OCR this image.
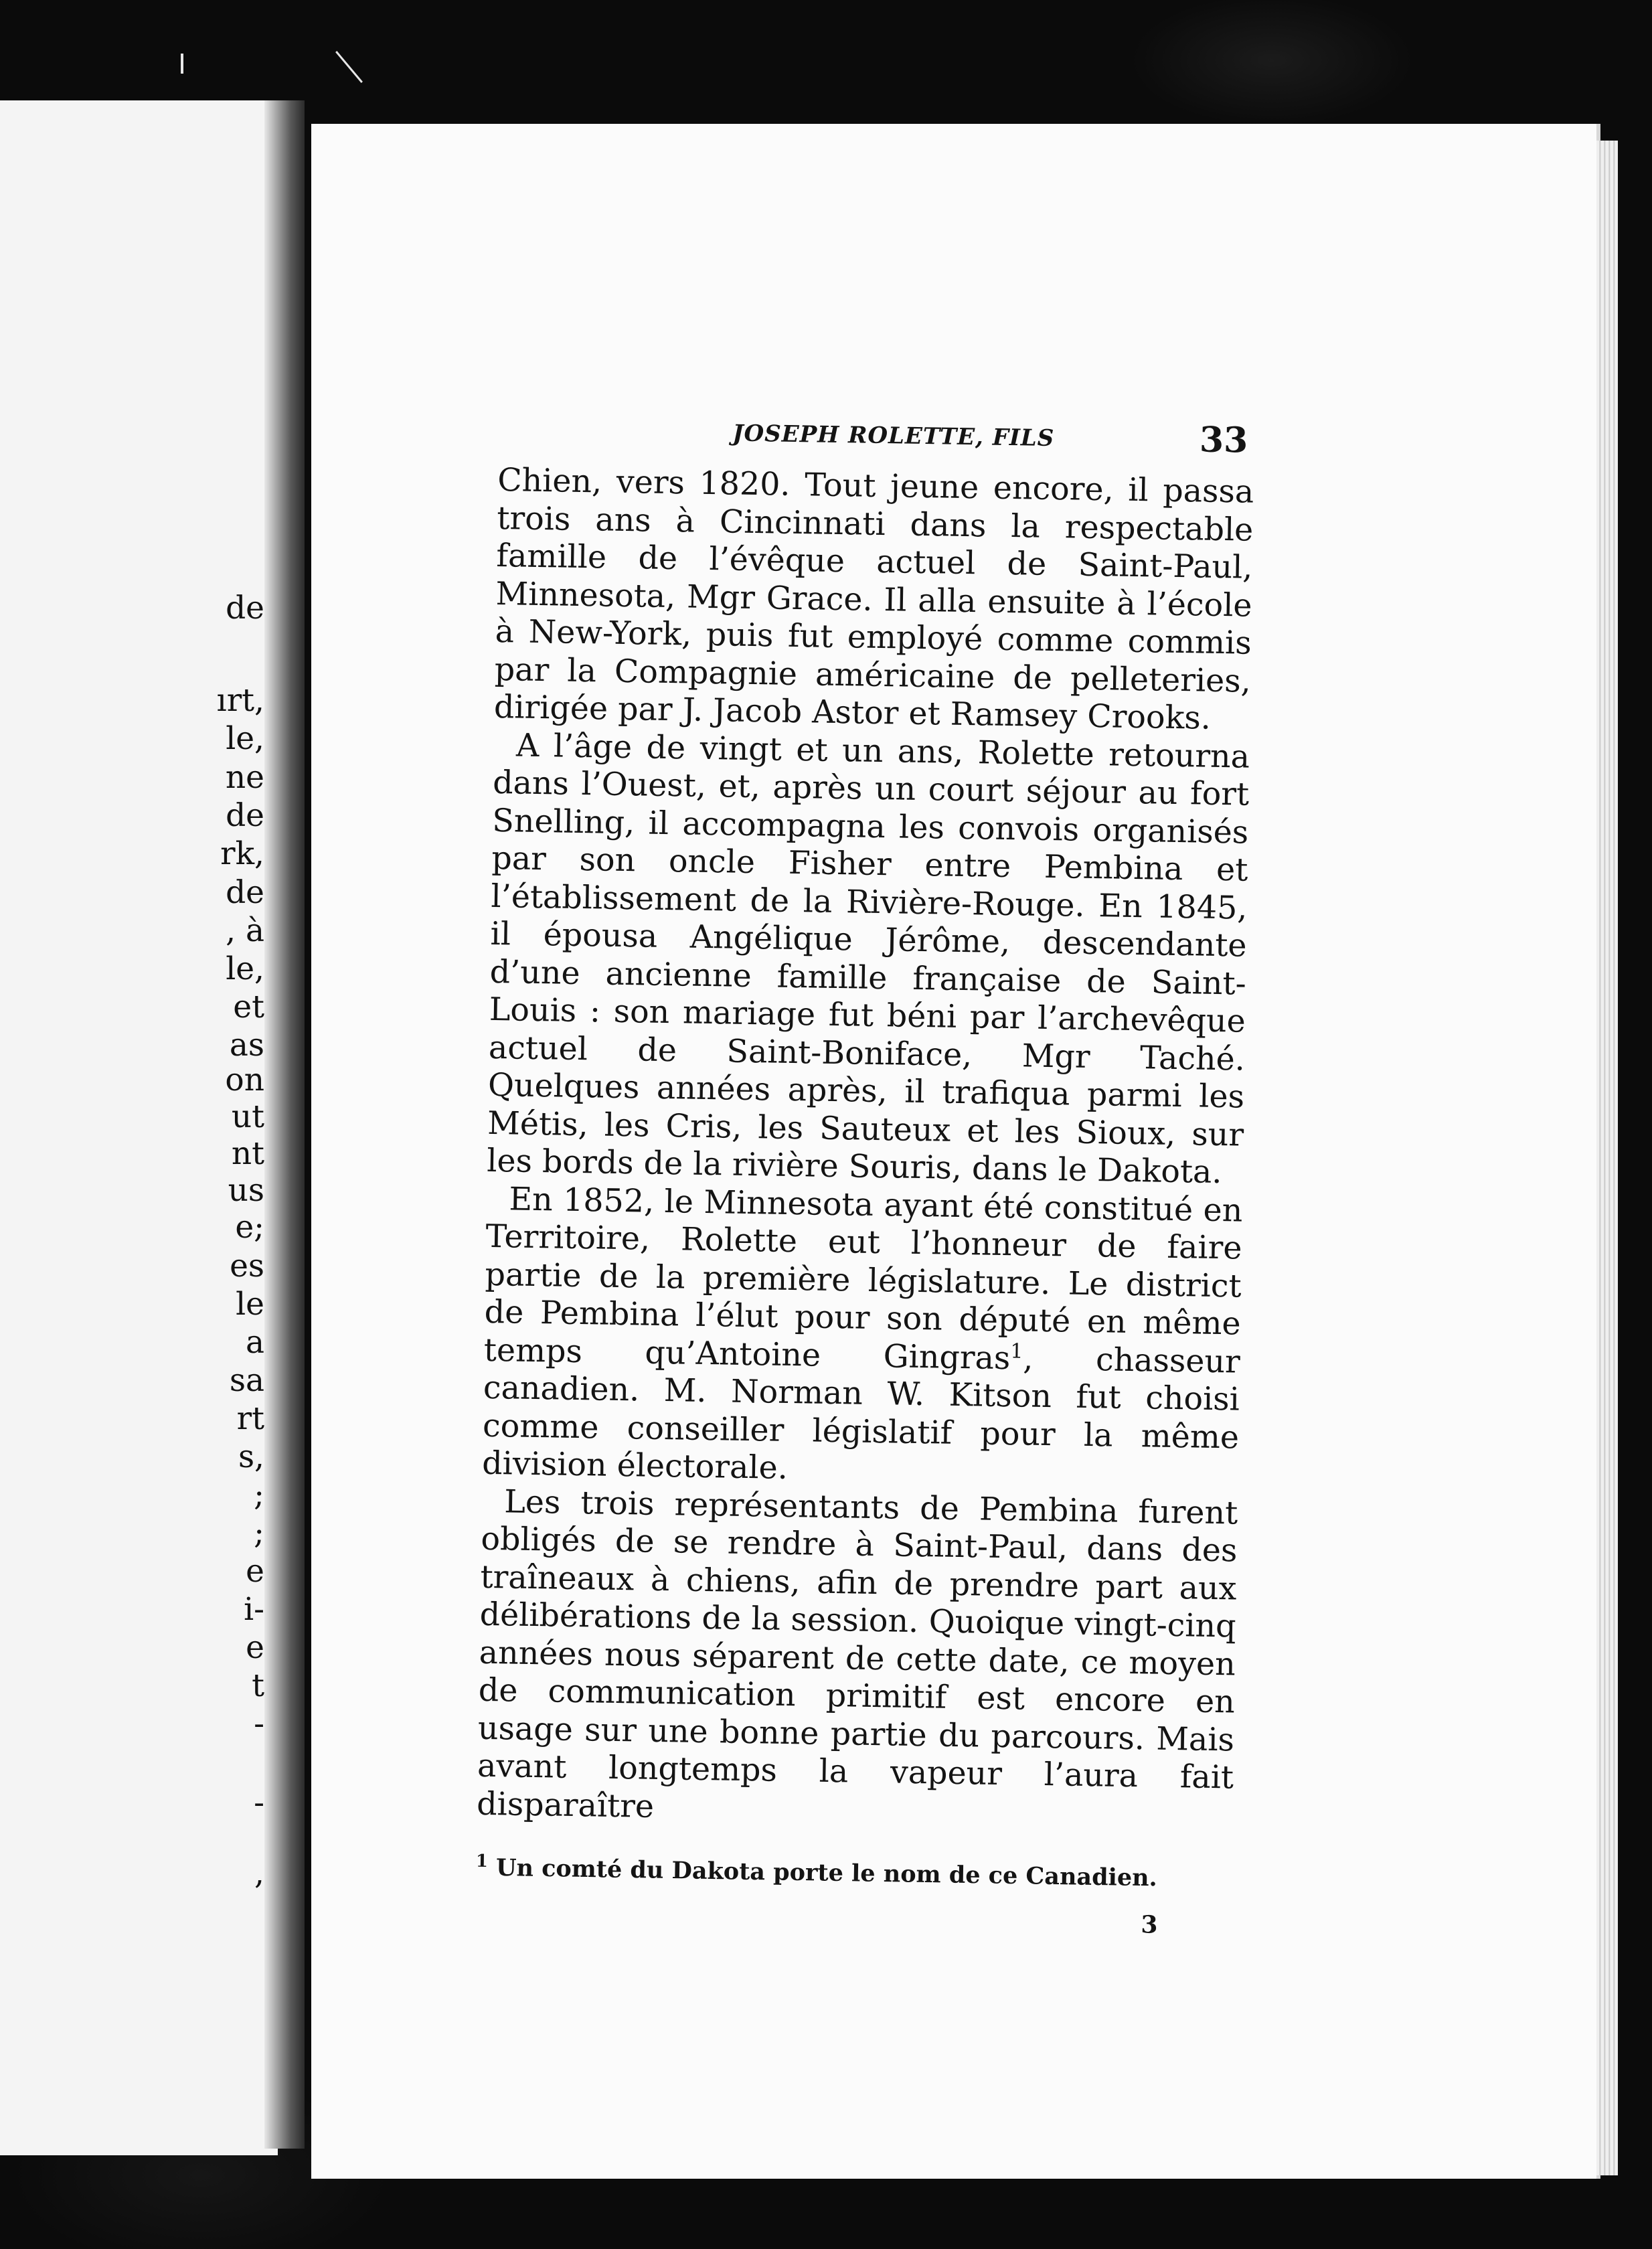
de
ırt,
le,
ne
de
rk,
de
, à
le,
et
as
on
ut
nt
us
e;
es
le
a
sa
rt
s,
;
;
e
i-
e
t
-
-
,
JOSEPH ROLETTE, FILS	33

Chien, vers 1820. Tout jeune encore, il passa trois ans à Cincinnati dans la respectable famille de l’évêque actuel de Saint-Paul, Minnesota, Mgr Grace. Il alla ensuite à l’école à New-York, puis fut employé comme commis par la Compagnie américaine de pelleteries, dirigée par J. Jacob Astor et Ramsey Crooks.

A l’âge de vingt et un ans, Rolette retourna dans l’Ouest, et, après un court séjour au fort Snelling, il accompagna les convois organisés par son oncle Fisher entre Pembina et l’établissement de la Rivière-Rouge. En 1845, il épousa Angélique Jérôme, descendante d’une ancienne famille française de Saint-Louis : son mariage fut béni par l’archevêque actuel de Saint-Boniface, Mgr Taché. Quelques années après, il trafiqua parmi les Métis, les Cris, les Sauteux et les Sioux, sur les bords de la rivière Souris, dans le Dakota.

En 1852, le Minnesota ayant été constitué en Territoire, Rolette eut l’honneur de faire partie de la première législature. Le district de Pembina l’élut pour son député en même temps qu’Antoine Gingras$^1$, chasseur canadien. M. Norman W. Kitson fut choisi comme conseiller législatif pour la même division électorale.

Les trois représentants de Pembina furent obligés de se rendre à Saint-Paul, dans des traîneaux à chiens, afin de prendre part aux délibérations de la session. Quoique vingt-cinq années nous séparent de cette date, ce moyen de communication primitif est encore en usage sur une bonne partie du parcours. Mais avant longtemps la vapeur l’aura fait disparaître

$^1$ Un comté du Dakota porte le nom de ce Canadien.
3
